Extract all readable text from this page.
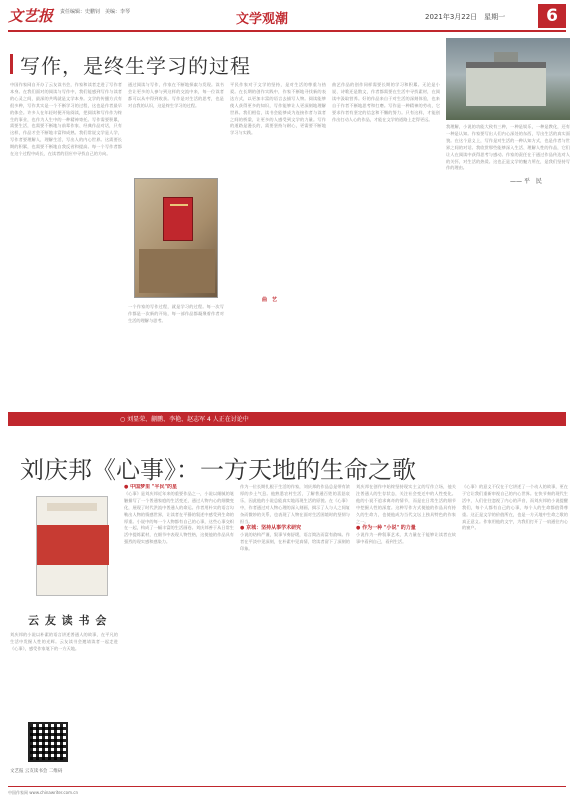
文艺报 责任编辑：史鹏钊　美编：李琴	文学观潮	2021年3月22日　星期一	6
写作，是终生学习的过程
中国作家网自开办了云友读书会，作家和读者走进了写作者本身。在我们面对的阅读与写作中，我们能感到写作与读者的心灵之间，最深的共鸣就是文学本身。文学的传播方式有很多种，写作其实是一个不断学习的过程，这也是作者最早的体会。许多人在年轻时便开始阅读，把阅读和写作作为终生的事业，也作为人生中的一种精神寄托。写作需要积累，需要生活，也需要不断地与前辈作家、经典作品对话，只有这样，作品才会不断地丰富和成熟。我们常说文学是人学，写作者要理解人，理解生活，写出人的内心世界。这需要长期的积累，也需要不断地自我反省和提高。每一个写作者都在这个过程中成长，在读者的回应中寻找自己的方向。
通过阅读与写作，作家在不断地探索与发现。读书会让更多的人参与到这样的交流中来，每一位读者都可以从中得到收获。写作是对生活的思考，也是对自我的认识，这是终生学习的过程。
一个作家的写作过程，就是学习的过程。每一次写作都是一次新的开始，每一部作品都凝聚着作者对生活的理解与思考。
平民作家对于文学的坚持，是对生活的尊重与热爱。在长期的创作实践中，作家不断地寻找新的表达方式，以更加丰富的语言去描写人物。阅读能够使人获得更多的知识，写作能够让人更深刻地理解世界。我们相信，读书会能够成为连接作者与读者之间的桥梁，让更多的人感受到文学的力量。写作的道路是漫长的，需要坚持与耐心，更需要不断地学习与实践。
曲　艺
曲艺作品的创作同样需要长期的学习和积累。无论是小说、诗歌还是散文，作者都需要在生活中寻找素材，在阅读中汲取营养。好的作品来自于对生活的深刻体验，也来自于作者不断地思考和打磨。写作是一种精神的劳动，它要求作者有坚定的信念和不懈的努力。只有这样，才能创作出打动人心的作品，才能在文学的道路上走得更远。
我理解，小说的功能大致有三种，一种是娱乐，一种是教化，还有一种是认知。作家要写出人们内心深处的东西，写出生活的真实面貌。在这个意义上，写作是对生活的一种认知方式，也是作者与世界之间的对话。我欣赏那些能够深入生活、理解人性的作品，它们让人在阅读中获得思考与感动。作家的责任在于通过作品传达对人的关怀，对生活的热爱。这也正是文学的魅力所在，是我们坚持写作的理由。
—— 平　民
○ 刘显荣、蒯鹏、李艳、赵志军 4 人正在讨论中
刘庆邦《心事》：一方天地的生命之歌
云 友 读 书 会
刘庆邦的小说以朴素的语言讲述普通人的故事，在平凡的生活中发掘人性的光辉。云友读书会邀请读者一起走进《心事》，感受作家笔下的一方天地。
文艺报 云友读书会 二维码
● 中国梦里 "平民"的星
《心事》是刘庆邦近年来的重要作品之一，小说以细腻的笔触描写了一个普通家庭的生活变迁，通过人物内心的细微变化，展现了时代洪流中普通人的命运。作者用朴实的语言勾勒出人物的情感世界，让读者在平静的叙述中感受到生命的厚重。小说中的每一个人物都有自己的心事，这些心事交织在一起，构成了一幅丰富的生活画卷。刘庆邦善于从日常生活中提炼素材，在细节中表现人物性格，这使他的作品具有强烈的现实感和感染力。
作为一位长期扎根于生活的作家，刘庆邦的作品总是带有浓厚的乡土气息。他熟悉农村生活，了解普通百姓的喜怒哀乐，因此他的小说总能真实地再现生活的原貌。在《心事》中，作者通过对人物心理的深入刻画，揭示了人与人之间复杂而微妙的关系，也表现了人物在面对生活困境时的坚韧与担当。
● 京城：坚持从事学术研究
小说的结构严谨，叙事节奏舒缓，语言简洁而富有韵味。作者在平淡中见深刻，在朴素中见真情，给读者留下了深刻的印象。
刘庆邦在创作中始终坚持现实主义的写作立场，他关注普通人的生存状态，关注社会变迁中的人性变化。他的小说不追求离奇的情节，而是在日常生活的细节中挖掘人性的深度。这种写作方式使他的作品具有持久的生命力，也使他成为当代文坛上独具特色的作家之一。
● 作为一种 "小说" 的力量
小说作为一种叙事艺术，其力量在于能够让读者在故事中看到自己，看到生活。
《心事》的意义不仅在于它讲述了一个动人的故事，更在于它让我们重新审视自己的内心世界。在快节奏的现代生活中，人们往往忽视了内心的声音，而刘庆邦的小说提醒我们，每个人都有自己的心事，每个人的生命都值得尊重。这正是文学的价值所在，也是一方天地中生命之歌的真正意义。作家用他的文字，为我们打开了一扇通往内心的窗户。
中国作家网 www.chinawriter.com.cn
